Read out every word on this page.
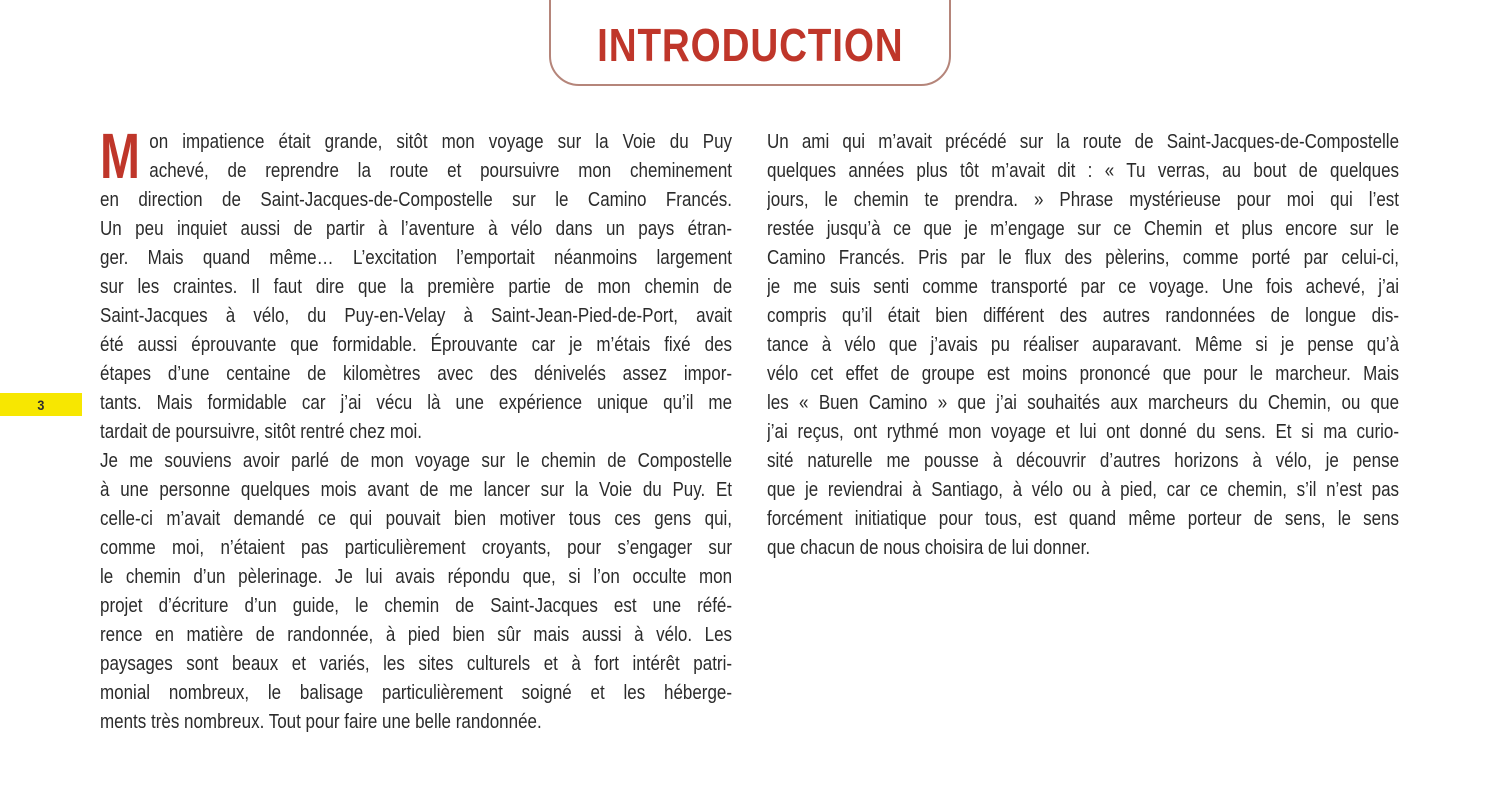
INTRODUCTION
3
M on impatience était grande, sitôt mon voyage sur la Voie du Puy
achevé, de reprendre la route et poursuivre mon cheminement
en direction de Saint-Jacques-de-Compostelle sur le Camino Francés.
Un peu inquiet aussi de partir à l’aventure à vélo dans un pays étran-
ger. Mais quand même… L’excitation l’emportait néanmoins largement
sur les craintes. Il faut dire que la première partie de mon chemin de
Saint-Jacques à vélo, du Puy-en-Velay à Saint-Jean-Pied-de-Port, avait
été aussi éprouvante que formidable. Éprouvante car je m’étais fixé des
étapes d’une centaine de kilomètres avec des dénivelés assez impor-
tants. Mais formidable car j’ai vécu là une expérience unique qu’il me
tardait de poursuivre, sitôt rentré chez moi.
Je me souviens avoir parlé de mon voyage sur le chemin de Compostelle
à une personne quelques mois avant de me lancer sur la Voie du Puy. Et
celle-ci m’avait demandé ce qui pouvait bien motiver tous ces gens qui,
comme moi, n’étaient pas particulièrement croyants, pour s’engager sur
le chemin d’un pèlerinage. Je lui avais répondu que, si l’on occulte mon
projet d’écriture d’un guide, le chemin de Saint-Jacques est une réfé-
rence en matière de randonnée, à pied bien sûr mais aussi à vélo. Les
paysages sont beaux et variés, les sites culturels et à fort intérêt patri-
monial nombreux, le balisage particulièrement soigné et les héberge-
ments très nombreux. Tout pour faire une belle randonnée.
Un ami qui m’avait précédé sur la route de Saint-Jacques-de-Compostelle
quelques années plus tôt m’avait dit : « Tu verras, au bout de quelques
jours, le chemin te prendra. » Phrase mystérieuse pour moi qui l’est
restée jusqu’à ce que je m’engage sur ce Chemin et plus encore sur le
Camino Francés. Pris par le flux des pèlerins, comme porté par celui-ci,
je me suis senti comme transporté par ce voyage. Une fois achevé, j’ai
compris qu’il était bien différent des autres randonnées de longue dis-
tance à vélo que j’avais pu réaliser auparavant. Même si je pense qu’à
vélo cet effet de groupe est moins prononcé que pour le marcheur. Mais
les « Buen Camino » que j’ai souhaités aux marcheurs du Chemin, ou que
j’ai reçus, ont rythmé mon voyage et lui ont donné du sens. Et si ma curio-
sité naturelle me pousse à découvrir d’autres horizons à vélo, je pense
que je reviendrai à Santiago, à vélo ou à pied, car ce chemin, s’il n’est pas
forcément initiatique pour tous, est quand même porteur de sens, le sens
que chacun de nous choisira de lui donner.
